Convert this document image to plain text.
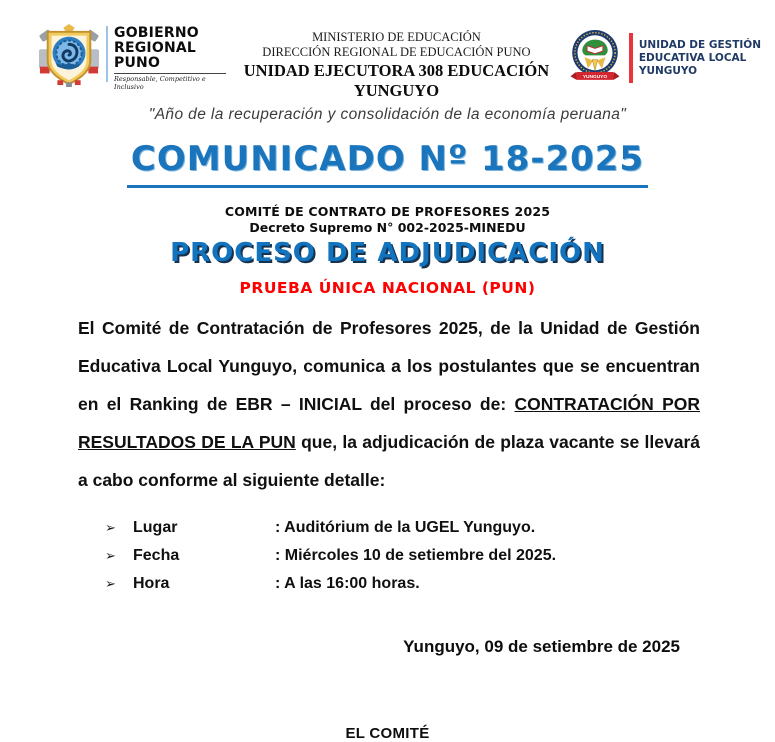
GOBIERNO
REGIONAL
PUNO
Responsable, Competitivo e Inclusivo
MINISTERIO DE EDUCACIÓN
DIRECCIÓN REGIONAL DE EDUCACIÓN PUNO
UNIDAD EJECUTORA 308 EDUCACIÓN YUNGUYO
YUNGUYO
UNIDAD DE GESTIÓN
EDUCATIVA LOCAL
YUNGUYO
"Año de la recuperación y consolidación de la economía peruana"
COMUNICADO Nº 18-2025
COMITÉ DE CONTRATO DE PROFESORES 2025
Decreto Supremo N° 002-2025-MINEDU
PROCESO DE ADJUDICACIÓN
PRUEBA ÚNICA NACIONAL (PUN)

El Comité de Contratación de Profesores 2025, de la Unidad de Gestión Educativa Local Yunguyo, comunica a los postulantes que se encuentran en el Ranking de EBR – INICIAL del proceso de: CONTRATACIÓN POR RESULTADOS DE LA PUN que, la adjudicación de plaza vacante se llevará a cabo conforme al siguiente detalle:

➢	Lugar	: Auditórium de la UGEL Yunguyo.
➢	Fecha	: Miércoles 10 de setiembre del 2025.
➢	Hora	: A las 16:00 horas.
Yunguyo, 09 de setiembre de 2025
EL COMITÉ
